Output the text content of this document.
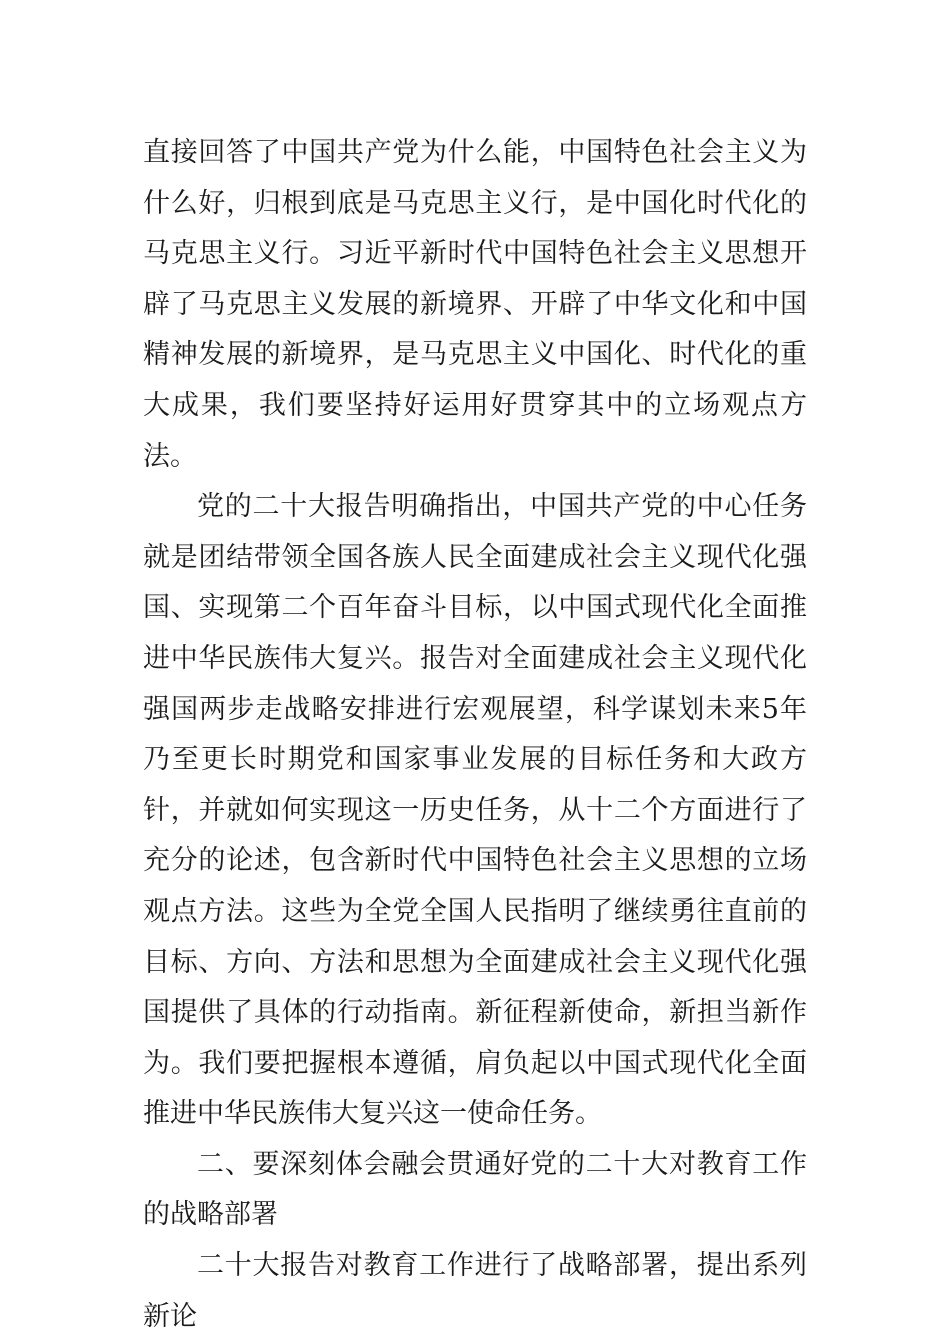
直接回答了中国共产党为什么能，中国特色社会主义为什么好，归根到底是马克思主义行，是中国化时代化的马克思主义行。习近平新时代中国特色社会主义思想开辟了马克思主义发展的新境界、开辟了中华文化和中国精神发展的新境界，是马克思主义中国化、时代化的重大成果，我们要坚持好运用好贯穿其中的立场观点方法。

党的二十大报告明确指出，中国共产党的中心任务就是团结带领全国各族人民全面建成社会主义现代化强国、实现第二个百年奋斗目标，以中国式现代化全面推进中华民族伟大复兴。报告对全面建成社会主义现代化强国两步走战略安排进行宏观展望，科学谋划未来5年乃至更长时期党和国家事业发展的目标任务和大政方针，并就如何实现这一历史任务，从十二个方面进行了充分的论述，包含新时代中国特色社会主义思想的立场观点方法。这些为全党全国人民指明了继续勇往直前的目标、方向、方法和思想为全面建成社会主义现代化强国提供了具体的行动指南。新征程新使命，新担当新作为。我们要把握根本遵循，肩负起以中国式现代化全面推进中华民族伟大复兴这一使命任务。

二、要深刻体会融会贯通好党的二十大对教育工作的战略部署

二十大报告对教育工作进行了战略部署，提出系列新论
